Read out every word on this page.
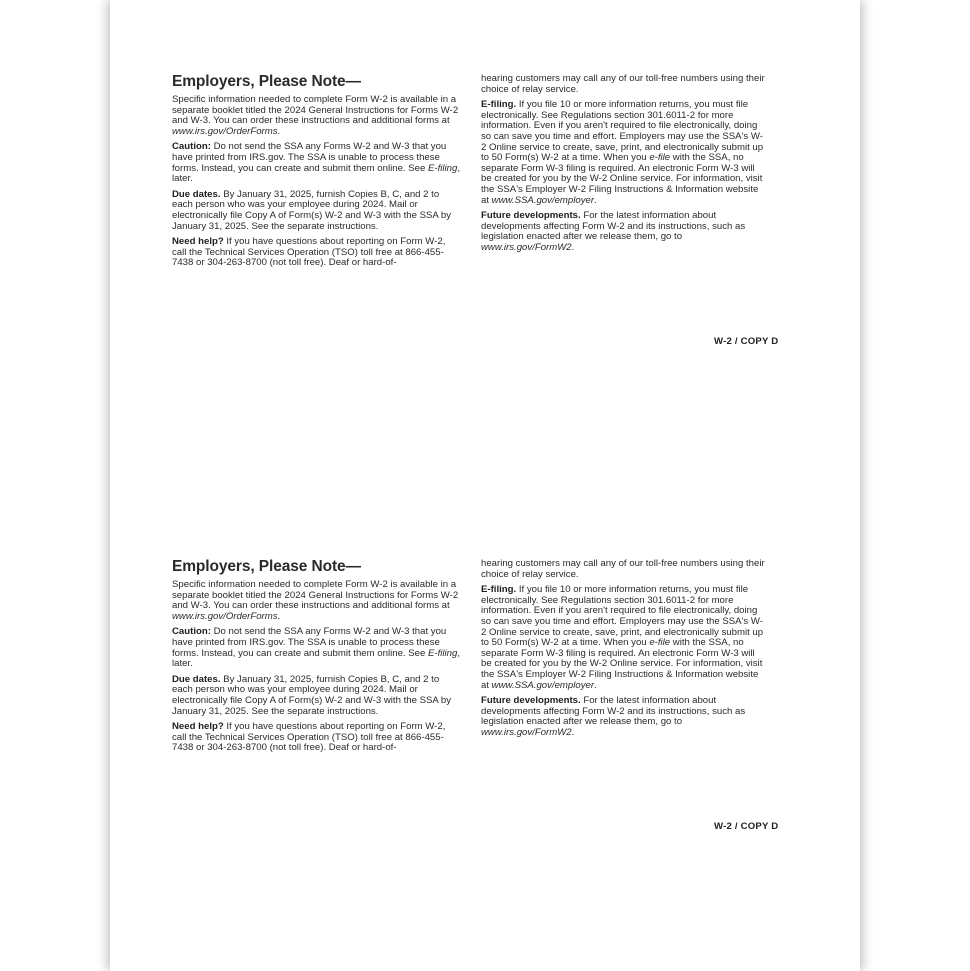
Employers, Please Note—

Specific information needed to complete Form W-2 is available in a separate booklet titled the 2024 General Instructions for Forms W-2 and W-3. You can order these instructions and additional forms at www.irs.gov/OrderForms.

Caution: Do not send the SSA any Forms W-2 and W-3 that you have printed from IRS.gov. The SSA is unable to process these forms. Instead, you can create and submit them online. See E-filing, later.

Due dates. By January 31, 2025, furnish Copies B, C, and 2 to each person who was your employee during 2024. Mail or electronically file Copy A of Form(s) W-2 and W-3 with the SSA by January 31, 2025. See the separate instructions.

Need help? If you have questions about reporting on Form W-2, call the Technical Services Operation (TSO) toll free at 866-455-7438 or 304-263-8700 (not toll free). Deaf or hard-of-

hearing customers may call any of our toll-free numbers using their choice of relay service.

E-filing. If you file 10 or more information returns, you must file electronically. See Regulations section 301.6011-2 for more information. Even if you aren't required to file electronically, doing so can save you time and effort. Employers may use the SSA's W-2 Online service to create, save, print, and electronically submit up to 50 Form(s) W-2 at a time. When you e-file with the SSA, no separate Form W-3 filing is required. An electronic Form W-3 will be created for you by the W-2 Online service. For information, visit the SSA's Employer W-2 Filing Instructions & Information website at www.SSA.gov/employer.

Future developments. For the latest information about developments affecting Form W-2 and its instructions, such as legislation enacted after we release them, go to www.irs.gov/FormW2.

W-2 / COPY D
Employers, Please Note—

Specific information needed to complete Form W-2 is available in a separate booklet titled the 2024 General Instructions for Forms W-2 and W-3. You can order these instructions and additional forms at www.irs.gov/OrderForms.

Caution: Do not send the SSA any Forms W-2 and W-3 that you have printed from IRS.gov. The SSA is unable to process these forms. Instead, you can create and submit them online. See E-filing, later.

Due dates. By January 31, 2025, furnish Copies B, C, and 2 to each person who was your employee during 2024. Mail or electronically file Copy A of Form(s) W-2 and W-3 with the SSA by January 31, 2025. See the separate instructions.

Need help? If you have questions about reporting on Form W-2, call the Technical Services Operation (TSO) toll free at 866-455-7438 or 304-263-8700 (not toll free). Deaf or hard-of-

hearing customers may call any of our toll-free numbers using their choice of relay service.

E-filing. If you file 10 or more information returns, you must file electronically. See Regulations section 301.6011-2 for more information. Even if you aren't required to file electronically, doing so can save you time and effort. Employers may use the SSA's W-2 Online service to create, save, print, and electronically submit up to 50 Form(s) W-2 at a time. When you e-file with the SSA, no separate Form W-3 filing is required. An electronic Form W-3 will be created for you by the W-2 Online service. For information, visit the SSA's Employer W-2 Filing Instructions & Information website at www.SSA.gov/employer.

Future developments. For the latest information about developments affecting Form W-2 and its instructions, such as legislation enacted after we release them, go to www.irs.gov/FormW2.

W-2 / COPY D
